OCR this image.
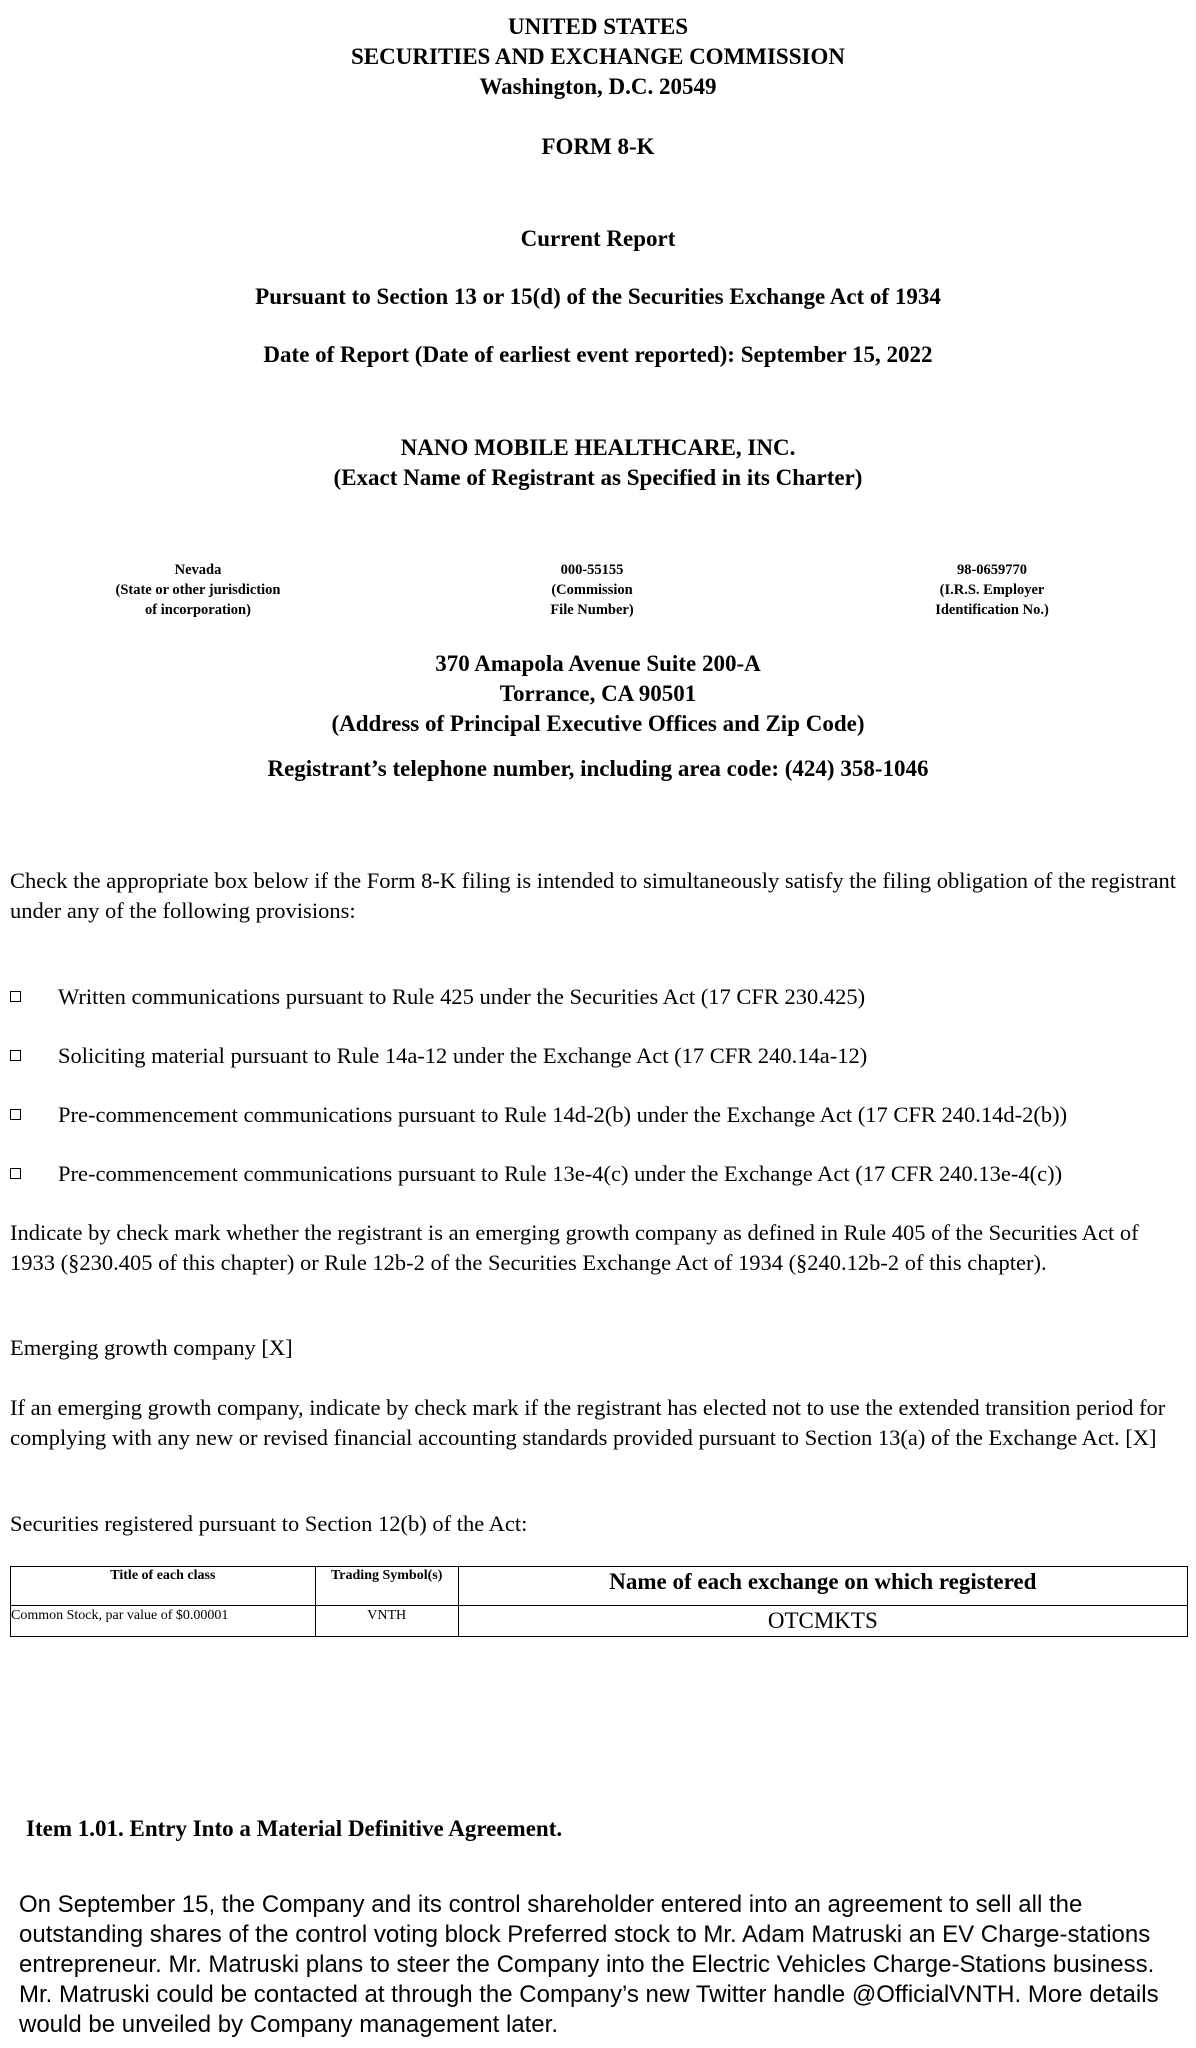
UNITED STATES
SECURITIES AND EXCHANGE COMMISSION
Washington, D.C. 20549
FORM 8-K
Current Report
Pursuant to Section 13 or 15(d) of the Securities Exchange Act of 1934
Date of Report (Date of earliest event reported): September 15, 2022
NANO MOBILE HEALTHCARE, INC.
(Exact Name of Registrant as Specified in its Charter)
Nevada
(State or other jurisdiction
of incorporation)
000-55155
(Commission
File Number)
98-0659770
(I.R.S. Employer
Identification No.)
370 Amapola Avenue Suite 200-A
Torrance, CA 90501
(Address of Principal Executive Offices and Zip Code)
Registrant’s telephone number, including area code: (424) 358-1046
Check the appropriate box below if the Form 8-K filing is intended to simultaneously satisfy the filing obligation of the registrant under any of the following provisions:
Written communications pursuant to Rule 425 under the Securities Act (17 CFR 230.425)
Soliciting material pursuant to Rule 14a-12 under the Exchange Act (17 CFR 240.14a-12)
Pre-commencement communications pursuant to Rule 14d-2(b) under the Exchange Act (17 CFR 240.14d-2(b))
Pre-commencement communications pursuant to Rule 13e-4(c) under the Exchange Act (17 CFR 240.13e-4(c))
Indicate by check mark whether the registrant is an emerging growth company as defined in Rule 405 of the Securities Act of 1933 (§230.405 of this chapter) or Rule 12b-2 of the Securities Exchange Act of 1934 (§240.12b-2 of this chapter).
Emerging growth company [X]
If an emerging growth company, indicate by check mark if the registrant has elected not to use the extended transition period for complying with any new or revised financial accounting standards provided pursuant to Section 13(a) of the Exchange Act. [X]
Securities registered pursuant to Section 12(b) of the Act:
Title of each class	Trading Symbol(s)	Name of each exchange on which registered
Common Stock, par value of $0.00001	VNTH	OTCMKTS
Item 1.01. Entry Into a Material Definitive Agreement.
On September 15, the Company and its control shareholder entered into an agreement to sell all the outstanding shares of the control voting block Preferred stock to Mr. Adam Matruski an EV Charge-stations entrepreneur. Mr. Matruski plans to steer the Company into the Electric Vehicles Charge-Stations business. Mr. Matruski could be contacted at through the Company’s new Twitter handle @OfficialVNTH. More details would be unveiled by Company management later.
